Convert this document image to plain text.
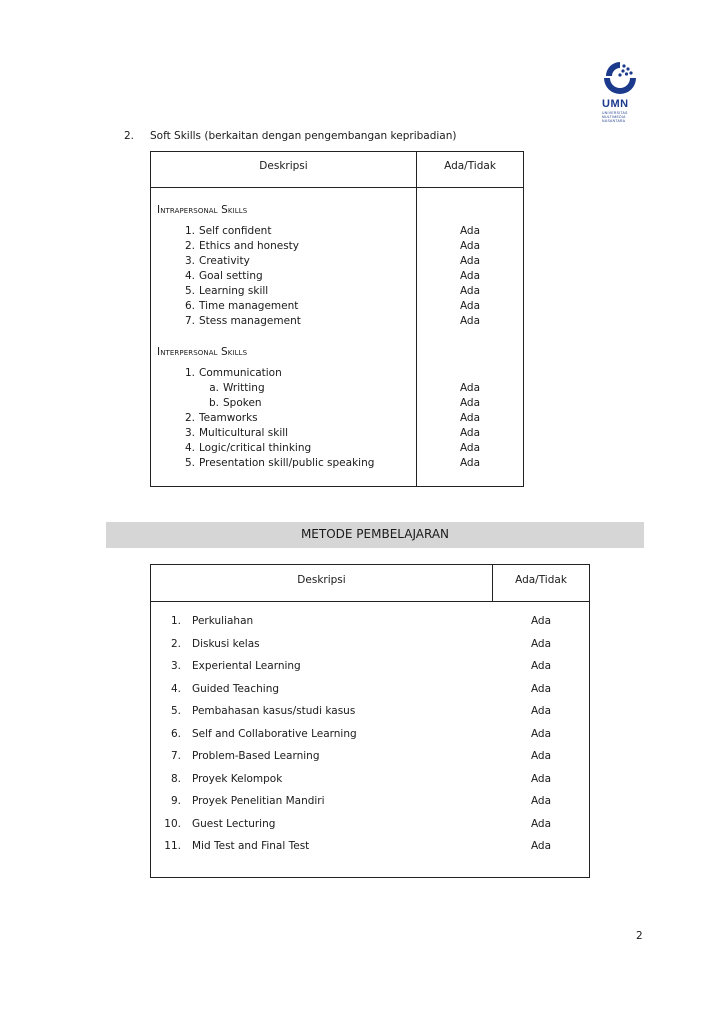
UMN
UNIVERSITAS
MULTIMEDIA
NUSANTARA
2. Soft Skills (berkaitan dengan pengembangan kepribadian)
Deskripsi	Ada/Tidak
Intrapersonal Skills
1. Self confident	Ada
2. Ethics and honesty	Ada
3. Creativity	Ada
4. Goal setting	Ada
5. Learning skill	Ada
6. Time management	Ada
7. Stess management	Ada
Interpersonal Skills
1. Communication
a. Writting	Ada
b. Spoken	Ada
2. Teamworks	Ada
3. Multicultural skill	Ada
4. Logic/critical thinking	Ada
5. Presentation skill/public speaking	Ada
METODE PEMBELAJARAN
Deskripsi	Ada/Tidak
1. Perkuliahan	Ada
2. Diskusi kelas	Ada
3. Experiental Learning	Ada
4. Guided Teaching	Ada
5. Pembahasan kasus/studi kasus	Ada
6. Self and Collaborative Learning	Ada
7. Problem-Based Learning	Ada
8. Proyek Kelompok	Ada
9. Proyek Penelitian Mandiri	Ada
10. Guest Lecturing	Ada
11. Mid Test and Final Test	Ada
2
